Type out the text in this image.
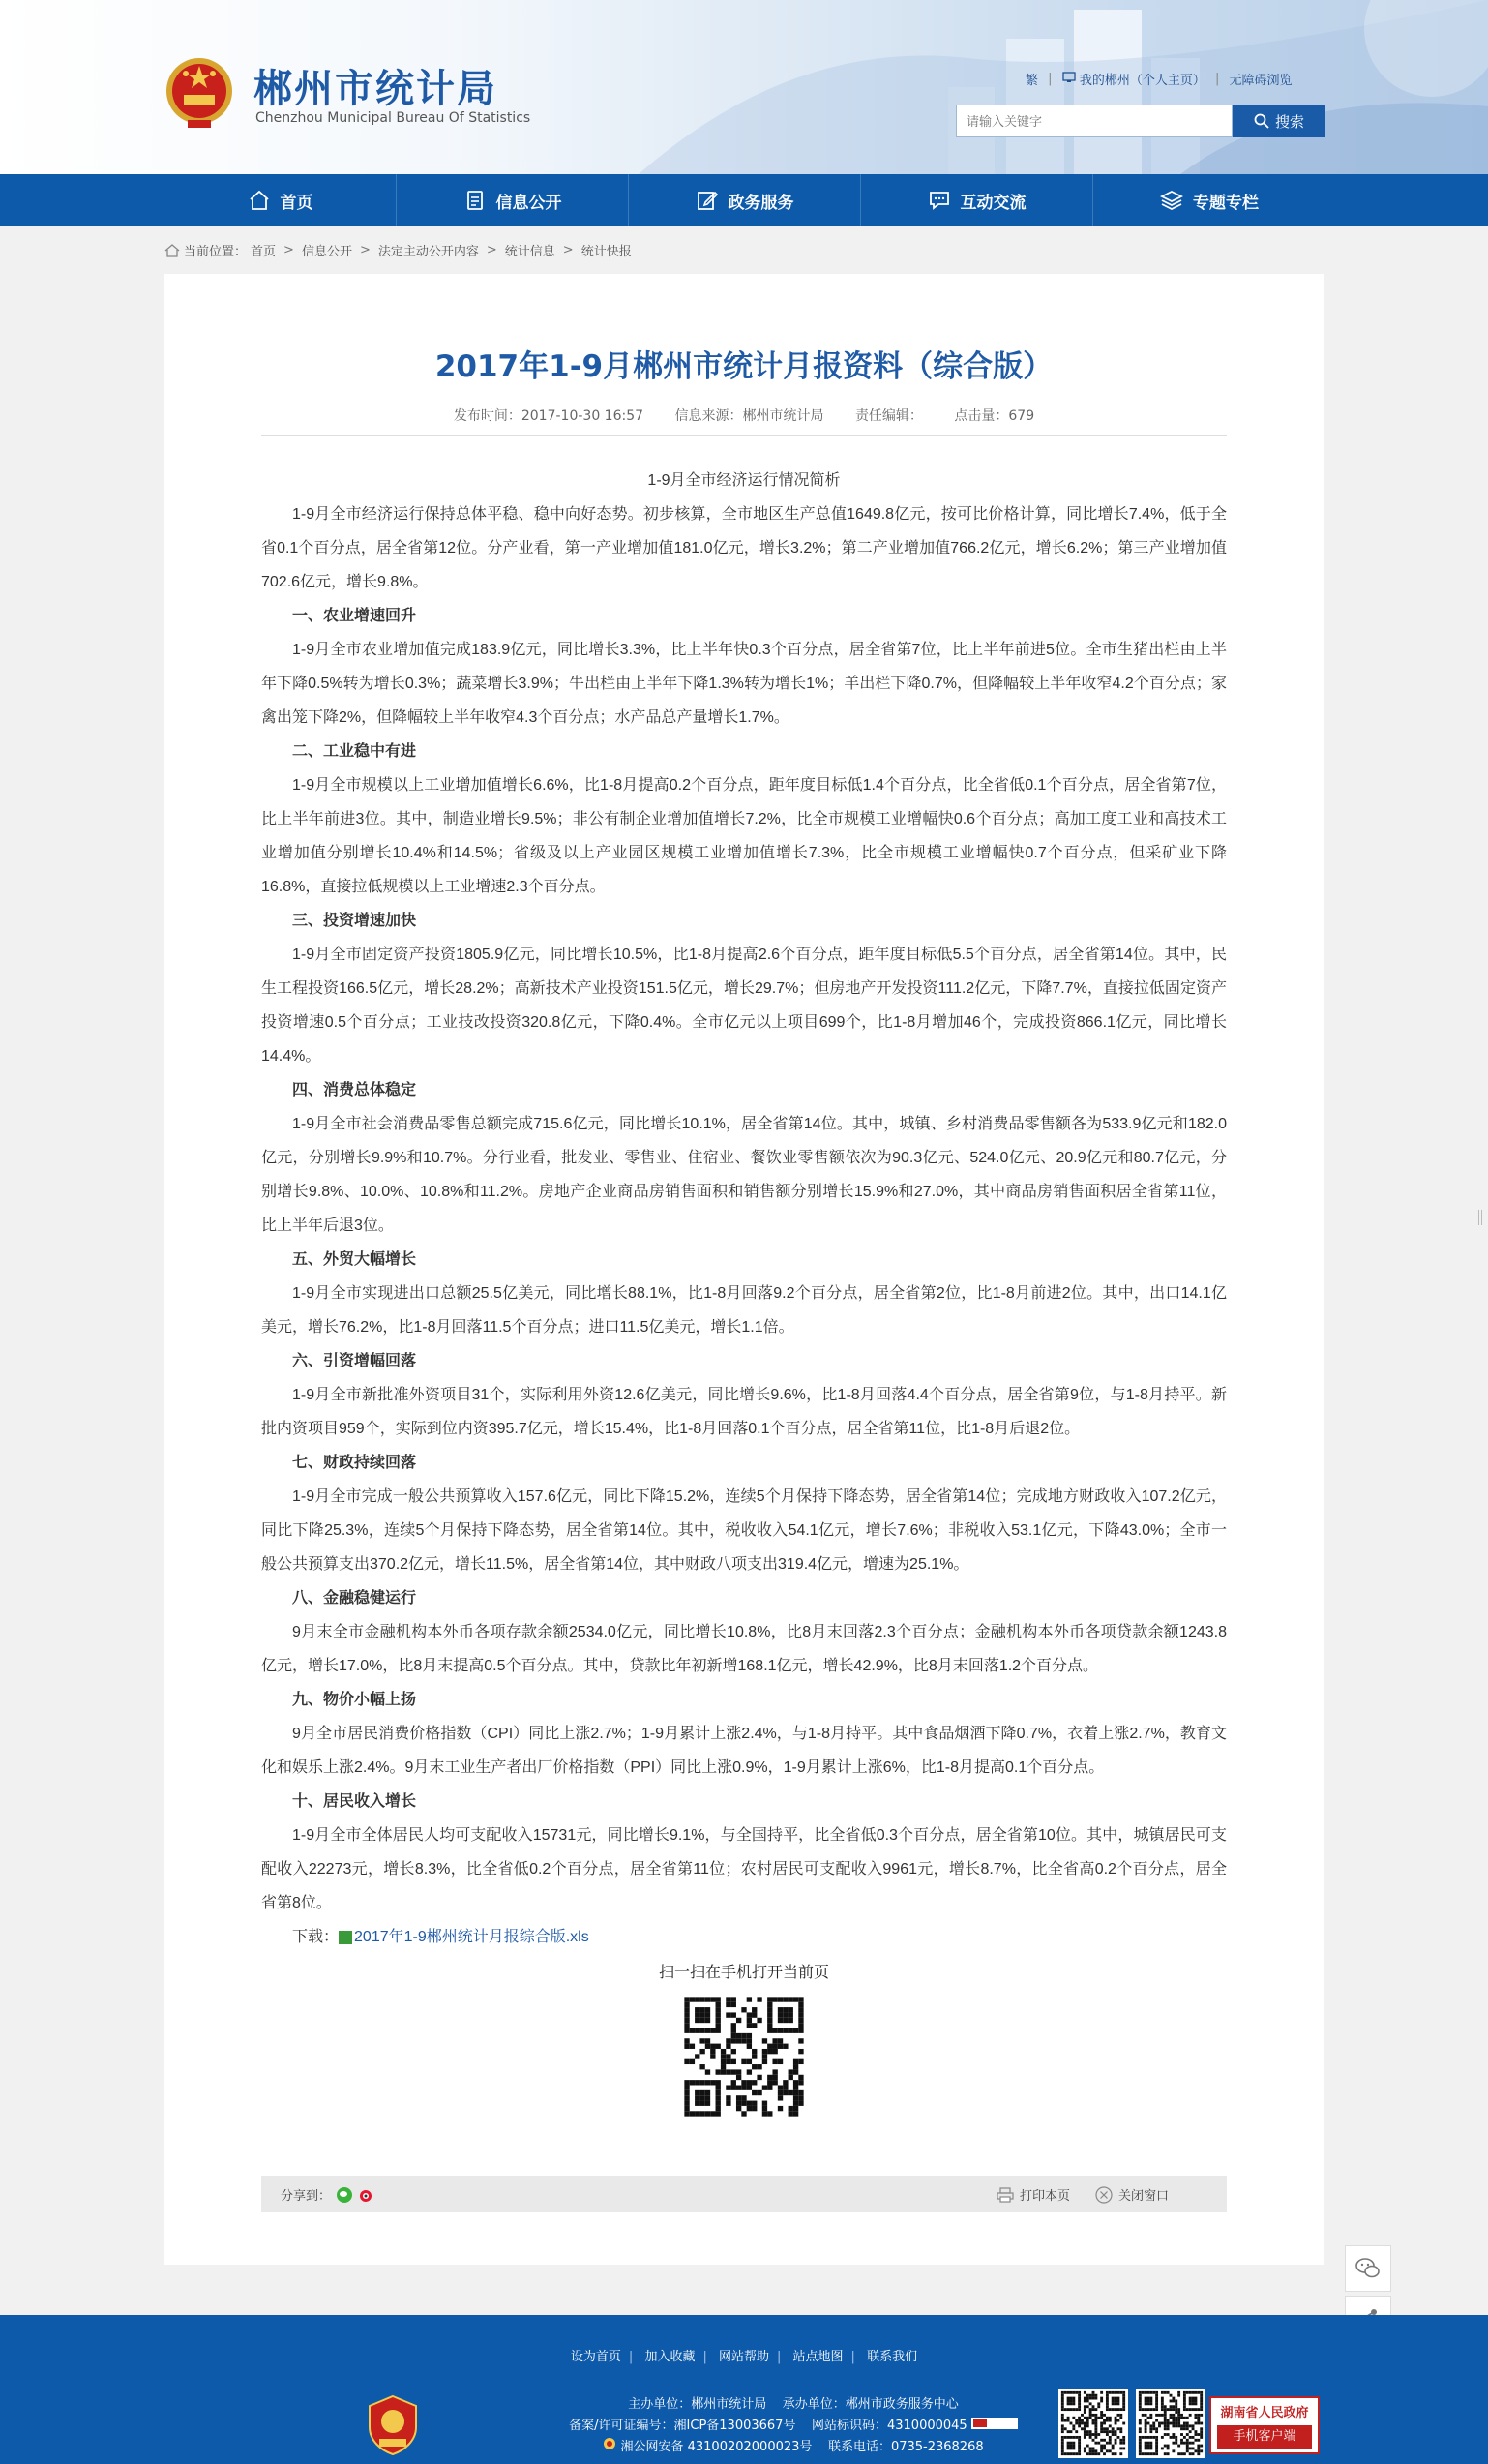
郴州市统计局
Chenzhou Municipal Bureau Of Statistics
繁 | 我的郴州（个人主页） | 无障碍浏览
请输入关键字
搜索
首页	信息公开	政务服务	互动交流	专题专栏
当前位置： 首页 > 信息公开 > 法定主动公开内容 > 统计信息 > 统计快报
2017年1-9月郴州市统计月报资料（综合版）
发布时间：2017-10-30 16:57 信息来源：郴州市统计局 责任编辑： 点击量：679

1-9月全市经济运行情况简析

1-9月全市经济运行保持总体平稳、稳中向好态势。初步核算，全市地区生产总值1649.8亿元，按可比价格计算，同比增长7.4%，低于全省0.1个百分点，居全省第12位。分产业看，第一产业增加值181.0亿元，增长3.2%；第二产业增加值766.2亿元，增长6.2%；第三产业增加值702.6亿元，增长9.8%。

一、农业增速回升

1-9月全市农业增加值完成183.9亿元，同比增长3.3%，比上半年快0.3个百分点，居全省第7位，比上半年前进5位。全市生猪出栏由上半年下降0.5%转为增长0.3%；蔬菜增长3.9%；牛出栏由上半年下降1.3%转为增长1%；羊出栏下降0.7%，但降幅较上半年收窄4.2个百分点；家禽出笼下降2%，但降幅较上半年收窄4.3个百分点；水产品总产量增长1.7%。

二、工业稳中有进

1-9月全市规模以上工业增加值增长6.6%，比1-8月提高0.2个百分点，距年度目标低1.4个百分点，比全省低0.1个百分点，居全省第7位，比上半年前进3位。其中，制造业增长9.5%；非公有制企业增加值增长7.2%，比全市规模工业增幅快0.6个百分点；高加工度工业和高技术工业增加值分别增长10.4%和14.5%；省级及以上产业园区规模工业增加值增长7.3%，比全市规模工业增幅快0.7个百分点，但采矿业下降16.8%，直接拉低规模以上工业增速2.3个百分点。

三、投资增速加快

1-9月全市固定资产投资1805.9亿元，同比增长10.5%，比1-8月提高2.6个百分点，距年度目标低5.5个百分点，居全省第14位。其中，民生工程投资166.5亿元，增长28.2%；高新技术产业投资151.5亿元，增长29.7%；但房地产开发投资111.2亿元，下降7.7%，直接拉低固定资产投资增速0.5个百分点；工业技改投资320.8亿元，下降0.4%。全市亿元以上项目699个，比1-8月增加46个，完成投资866.1亿元，同比增长14.4%。

四、消费总体稳定

1-9月全市社会消费品零售总额完成715.6亿元，同比增长10.1%，居全省第14位。其中，城镇、乡村消费品零售额各为533.9亿元和182.0亿元，分别增长9.9%和10.7%。分行业看，批发业、零售业、住宿业、餐饮业零售额依次为90.3亿元、524.0亿元、20.9亿元和80.7亿元，分别增长9.8%、10.0%、10.8%和11.2%。房地产企业商品房销售面积和销售额分别增长15.9%和27.0%，其中商品房销售面积居全省第11位，比上半年后退3位。

五、外贸大幅增长

1-9月全市实现进出口总额25.5亿美元，同比增长88.1%，比1-8月回落9.2个百分点，居全省第2位，比1-8月前进2位。其中，出口14.1亿美元，增长76.2%，比1-8月回落11.5个百分点；进口11.5亿美元，增长1.1倍。

六、引资增幅回落

1-9月全市新批准外资项目31个，实际利用外资12.6亿美元，同比增长9.6%，比1-8月回落4.4个百分点，居全省第9位，与1-8月持平。新批内资项目959个，实际到位内资395.7亿元，增长15.4%，比1-8月回落0.1个百分点，居全省第11位，比1-8月后退2位。

七、财政持续回落

1-9月全市完成一般公共预算收入157.6亿元，同比下降15.2%，连续5个月保持下降态势，居全省第14位；完成地方财政收入107.2亿元，同比下降25.3%，连续5个月保持下降态势，居全省第14位。其中，税收收入54.1亿元，增长7.6%；非税收入53.1亿元，下降43.0%；全市一般公共预算支出370.2亿元，增长11.5%，居全省第14位，其中财政八项支出319.4亿元，增速为25.1%。

八、金融稳健运行

9月末全市金融机构本外币各项存款余额2534.0亿元，同比增长10.8%，比8月末回落2.3个百分点；金融机构本外币各项贷款余额1243.8亿元，增长17.0%，比8月末提高0.5个百分点。其中，贷款比年初新增168.1亿元，增长42.9%，比8月末回落1.2个百分点。

九、物价小幅上扬

9月全市居民消费价格指数（CPI）同比上涨2.7%；1-9月累计上涨2.4%，与1-8月持平。其中食品烟酒下降0.7%，衣着上涨2.7%，教育文化和娱乐上涨2.4%。9月末工业生产者出厂价格指数（PPI）同比上涨0.9%，1-9月累计上涨6%，比1-8月提高0.1个百分点。

十、居民收入增长

1-9月全市全体居民人均可支配收入15731元，同比增长9.1%，与全国持平，比全省低0.3个百分点，居全省第10位。其中，城镇居民可支配收入22273元，增长8.3%，比全省低0.2个百分点，居全省第11位；农村居民可支配收入9961元，增长8.7%，比全省高0.2个百分点，居全省第8位。

下载： 2017年1-9郴州统计月报综合版.xls

扫一扫在手机打开当前页
分享到：	打印本页	关闭窗口
设为首页 | 加入收藏 | 网站帮助 | 站点地图 | 联系我们
主办单位：郴州市统计局 承办单位：郴州市政务服务中心
备案/许可证编号：湘ICP备13003667号 网站标识码：4310000045
湘公网安备 43100202000023号 联系电话：0735-2368268
湖南省人民政府
手机客户端
